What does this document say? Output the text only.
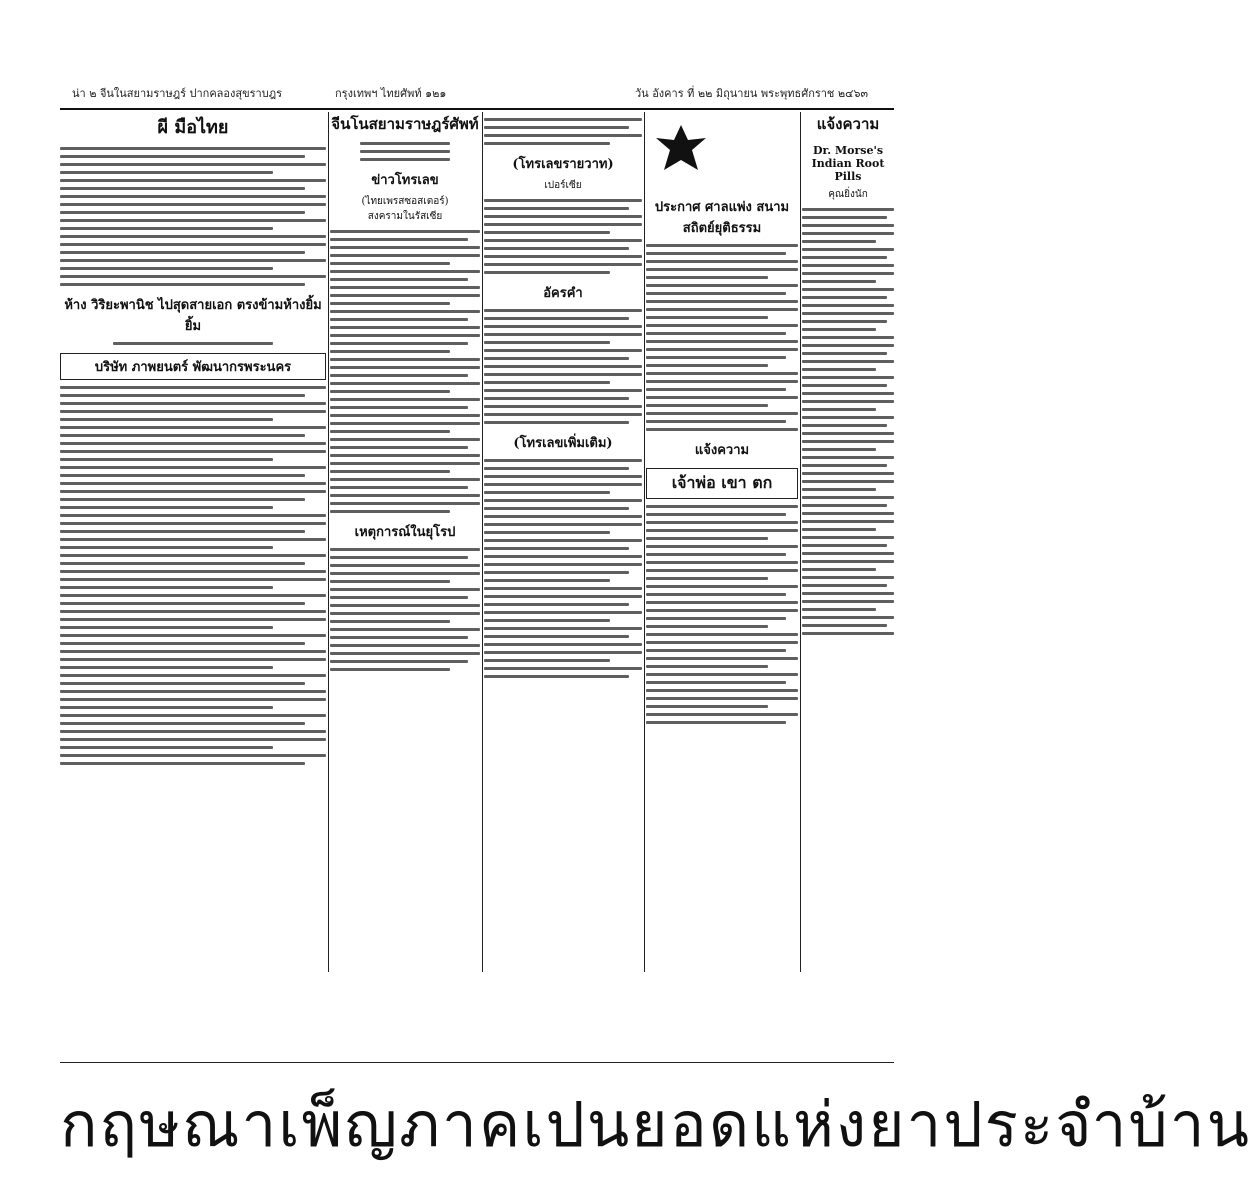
น่า ๒ จีนในสยามราษฎร์ ปากคลองสุขราบฎร	กรุงเทพฯ ไทยศัพท์ ๑๒๑	วัน อังคาร ที่ ๒๒ มิถุนายน พระพุทธศักราช ๒๔๖๓
ผี มือไทย
ห้าง วิริยะพานิช ไปสุดสายเอก ตรงข้ามห้างยิ้มยิ้ม
บริษัท ภาพยนตร์ พัฒนากรพระนคร
จีนโนสยามราษฎร์ศัพท์
ข่าวโทรเลข
(ไทยเพรสซอสเตอร์)
สงครามในรัสเซีย
เหตุการณ์ในยุโรป
(โทรเลขรายวาท)
เปอร์เซีย
อัครคำ
(โทรเลขเพิ่มเติม)
ประกาศ ศาลแพ่ง สนามสถิตย์ยุติธรรม
แจ้งความ
เจ้าพ่อ เขา ตก
แจ้งความ
Dr. Morse's Indian Root Pills
คุณยิ่งนัก
กฤษณาเพ็ญภาคเปนยอดแห่งยาประจำบ้าน
